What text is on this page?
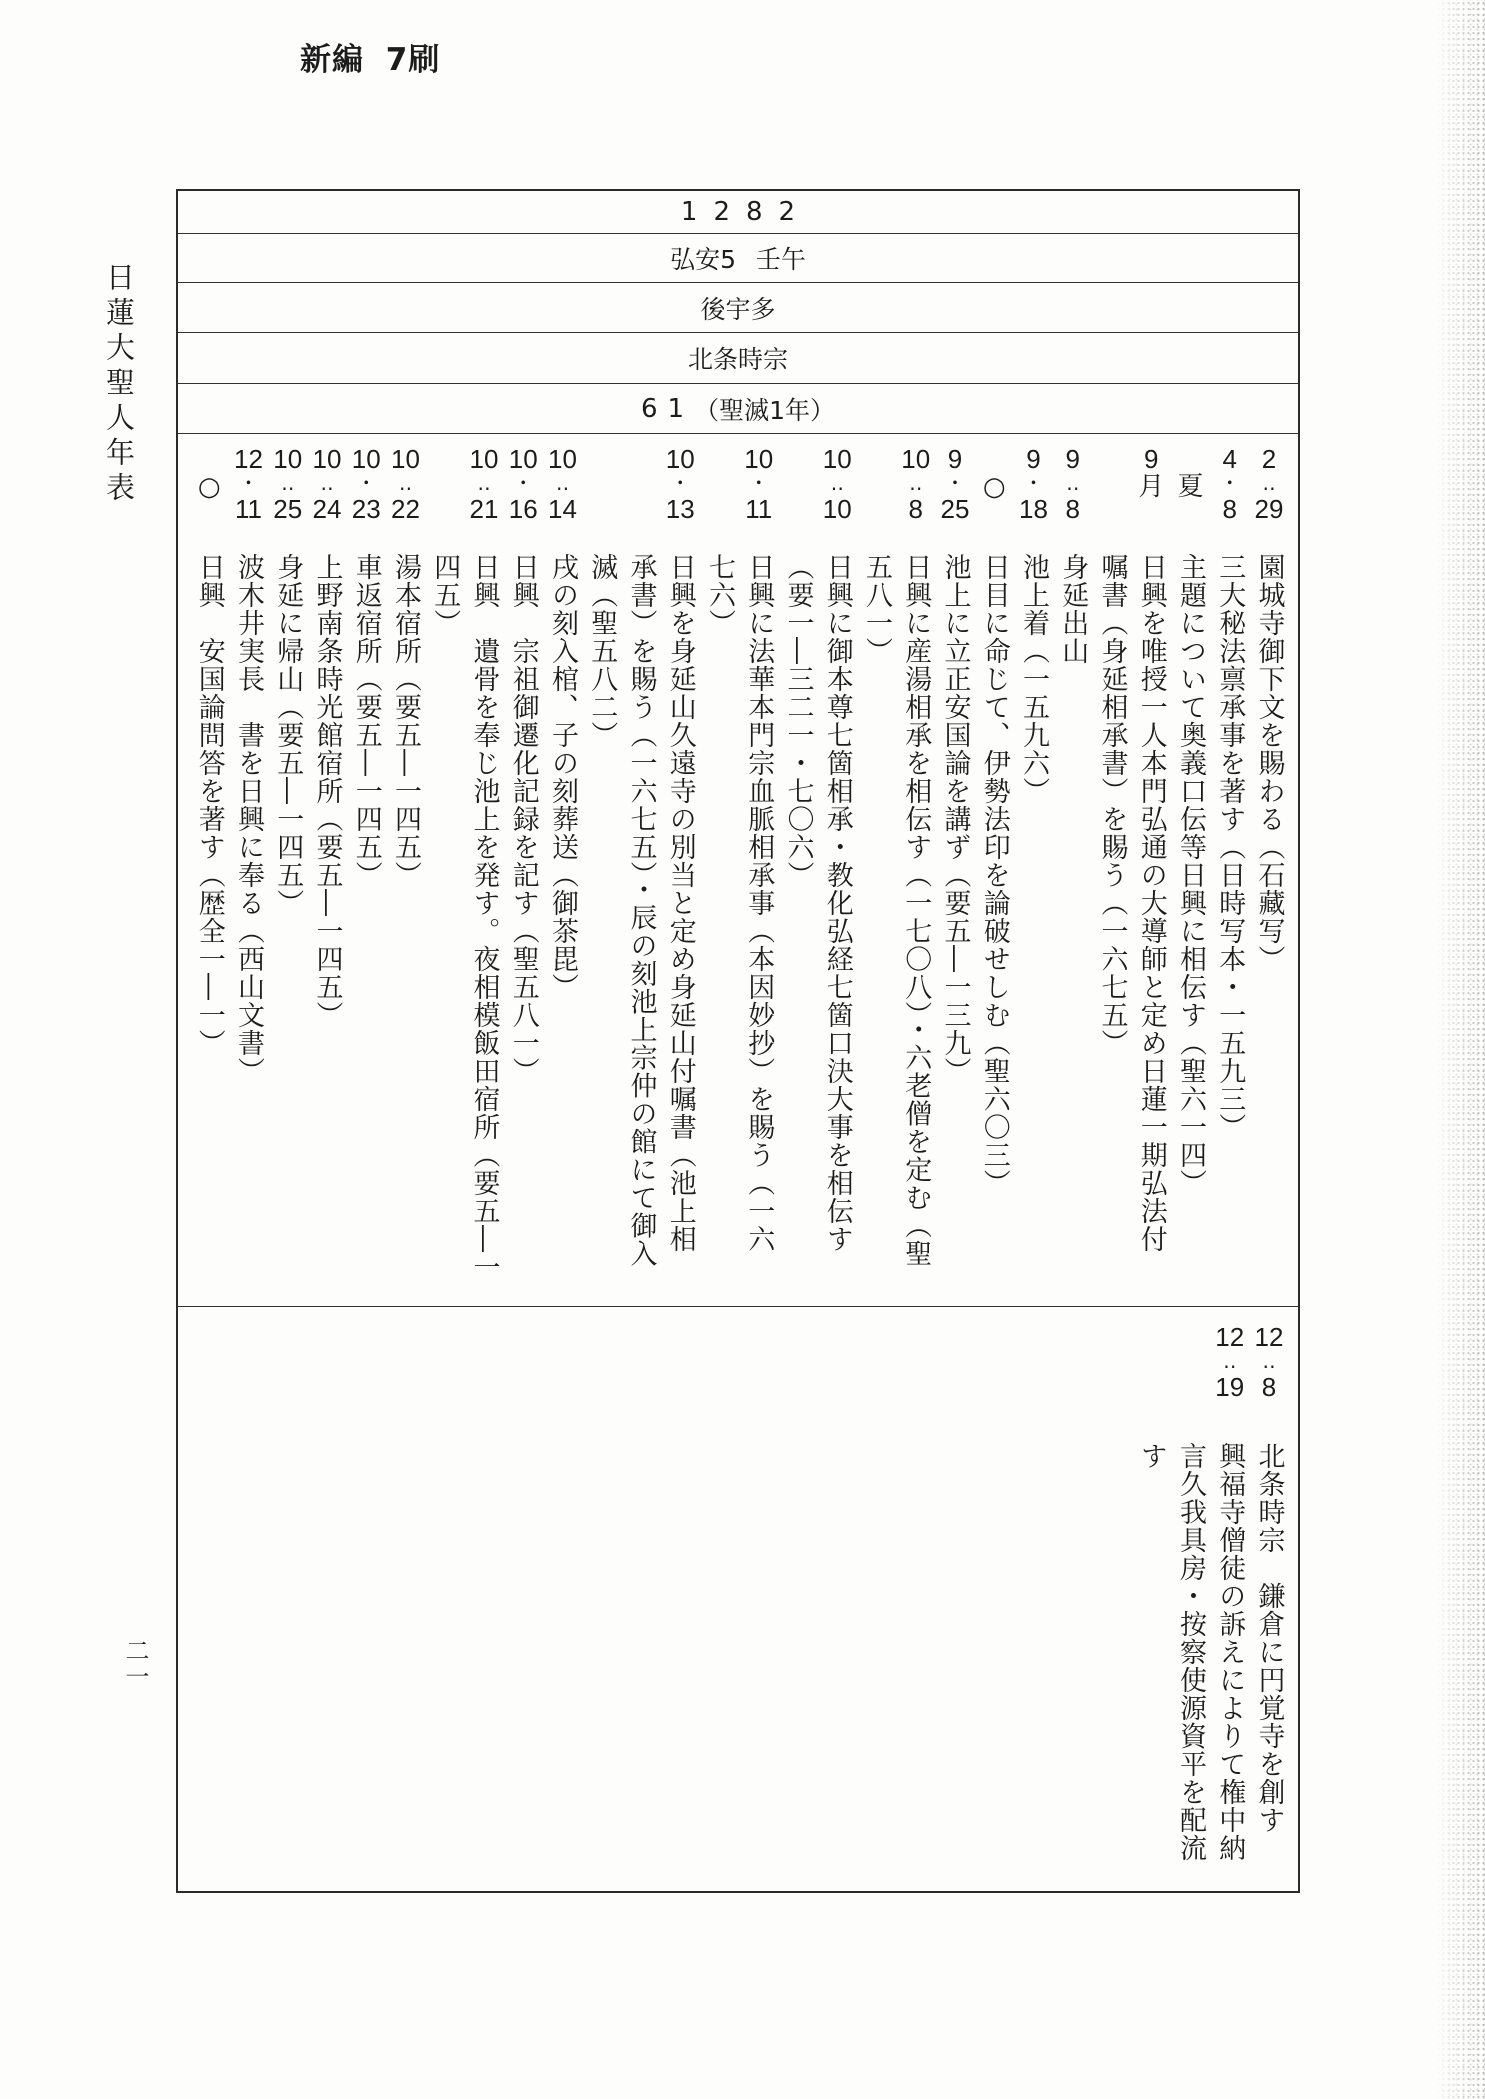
新編 7刷
日蓮大聖人年表
二一
1282
弘安5 壬午
後宇多
北条時宗
61 （聖滅1年）
2
‥
29
園城寺御下文を賜わる（石藏写）
4
・
8
三大秘法禀承事を著す（日時写本・一五九三）
夏
主題について奥義口伝等日興に相伝す（聖六一四）
9
月
日興を唯授一人本門弘通の大導師と定め日蓮一期弘法付
嘱書（身延相承書）を賜う（一六七五）
9
‥
8
身延出山
9
・
18
池上着（一五九六）
○
日目に命じて、伊勢法印を論破せしむ（聖六〇三）
9
・
25
池上に立正安国論を講ず（要五―一三九）
10
‥
8
日興に産湯相承を相伝す（一七〇八）・六老僧を定む（聖
五八一）
10
‥
10
日興に御本尊七箇相承・教化弘経七箇口決大事を相伝す
（要一―三二一・七〇六）
10
・
11
日興に法華本門宗血脈相承事（本因妙抄）を賜う（一六
七六）
10
・
13
日興を身延山久遠寺の別当と定め身延山付嘱書（池上相
承書）を賜う（一六七五）・辰の刻池上宗仲の館にて御入
滅（聖五八二）
10
‥
14
戌の刻入棺、子の刻葬送（御茶毘）
10
・
16
日興　宗祖御遷化記録を記す（聖五八一）
10
‥
21
日興　遺骨を奉じ池上を発す。夜相模飯田宿所（要五―一
四五）
10
‥
22
湯本宿所（要五―一四五）
10
・
23
車返宿所（要五―一四五）
10
‥
24
上野南条時光館宿所（要五―一四五）
10
‥
25
身延に帰山（要五―一四五）
12
・
11
波木井実長　書を日興に奉る（西山文書）
○
日興　安国論問答を著す（歴全一―一）
12
‥
8
北条時宗　鎌倉に円覚寺を創す
12
‥
19
興福寺僧徒の訴えによりて権中納
言久我具房・按察使源資平を配流
す
